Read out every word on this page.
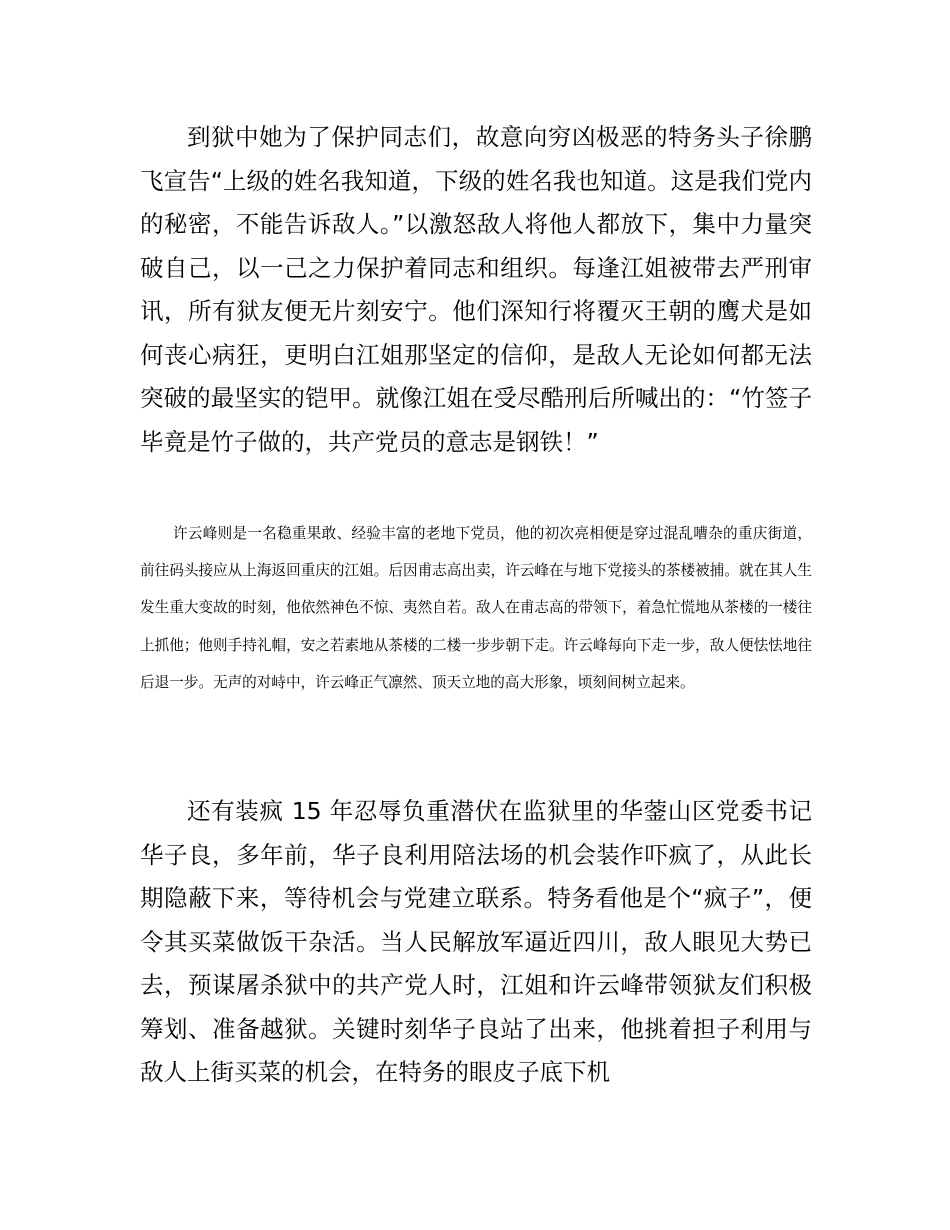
到狱中她为了保护同志们，故意向穷凶极恶的特务头子徐鹏飞宣告“上级的姓名我知道，下级的姓名我也知道。这是我们党内的秘密，不能告诉敌人。”以激怒敌人将他人都放下，集中力量突破自己，以一己之力保护着同志和组织。每逢江姐被带去严刑审讯，所有狱友便无片刻安宁。他们深知行将覆灭王朝的鹰犬是如何丧心病狂，更明白江姐那坚定的信仰，是敌人无论如何都无法突破的最坚实的铠甲。就像江姐在受尽酷刑后所喊出的：“竹签子毕竟是竹子做的，共产党员的意志是钢铁！”

许云峰则是一名稳重果敢、经验丰富的老地下党员，他的初次亮相便是穿过混乱嘈杂的重庆街道，前往码头接应从上海返回重庆的江姐。后因甫志高出卖，许云峰在与地下党接头的茶楼被捕。就在其人生发生重大变故的时刻，他依然神色不惊、夷然自若。敌人在甫志高的带领下，着急忙慌地从茶楼的一楼往上抓他；他则手持礼帽，安之若素地从茶楼的二楼一步步朝下走。许云峰每向下走一步，敌人便怯怯地往后退一步。无声的对峙中，许云峰正气凛然、顶天立地的高大形象，顷刻间树立起来。

还有装疯 15 年忍辱负重潜伏在监狱里的华蓥山区党委书记华子良，多年前，华子良利用陪法场的机会装作吓疯了，从此长期隐蔽下来，等待机会与党建立联系。特务看他是个“疯子”，便令其买菜做饭干杂活。当人民解放军逼近四川，敌人眼见大势已去，预谋屠杀狱中的共产党人时，江姐和许云峰带领狱友们积极筹划、准备越狱。关键时刻华子良站了出来，他挑着担子利用与敌人上街买菜的机会，在特务的眼皮子底下机
